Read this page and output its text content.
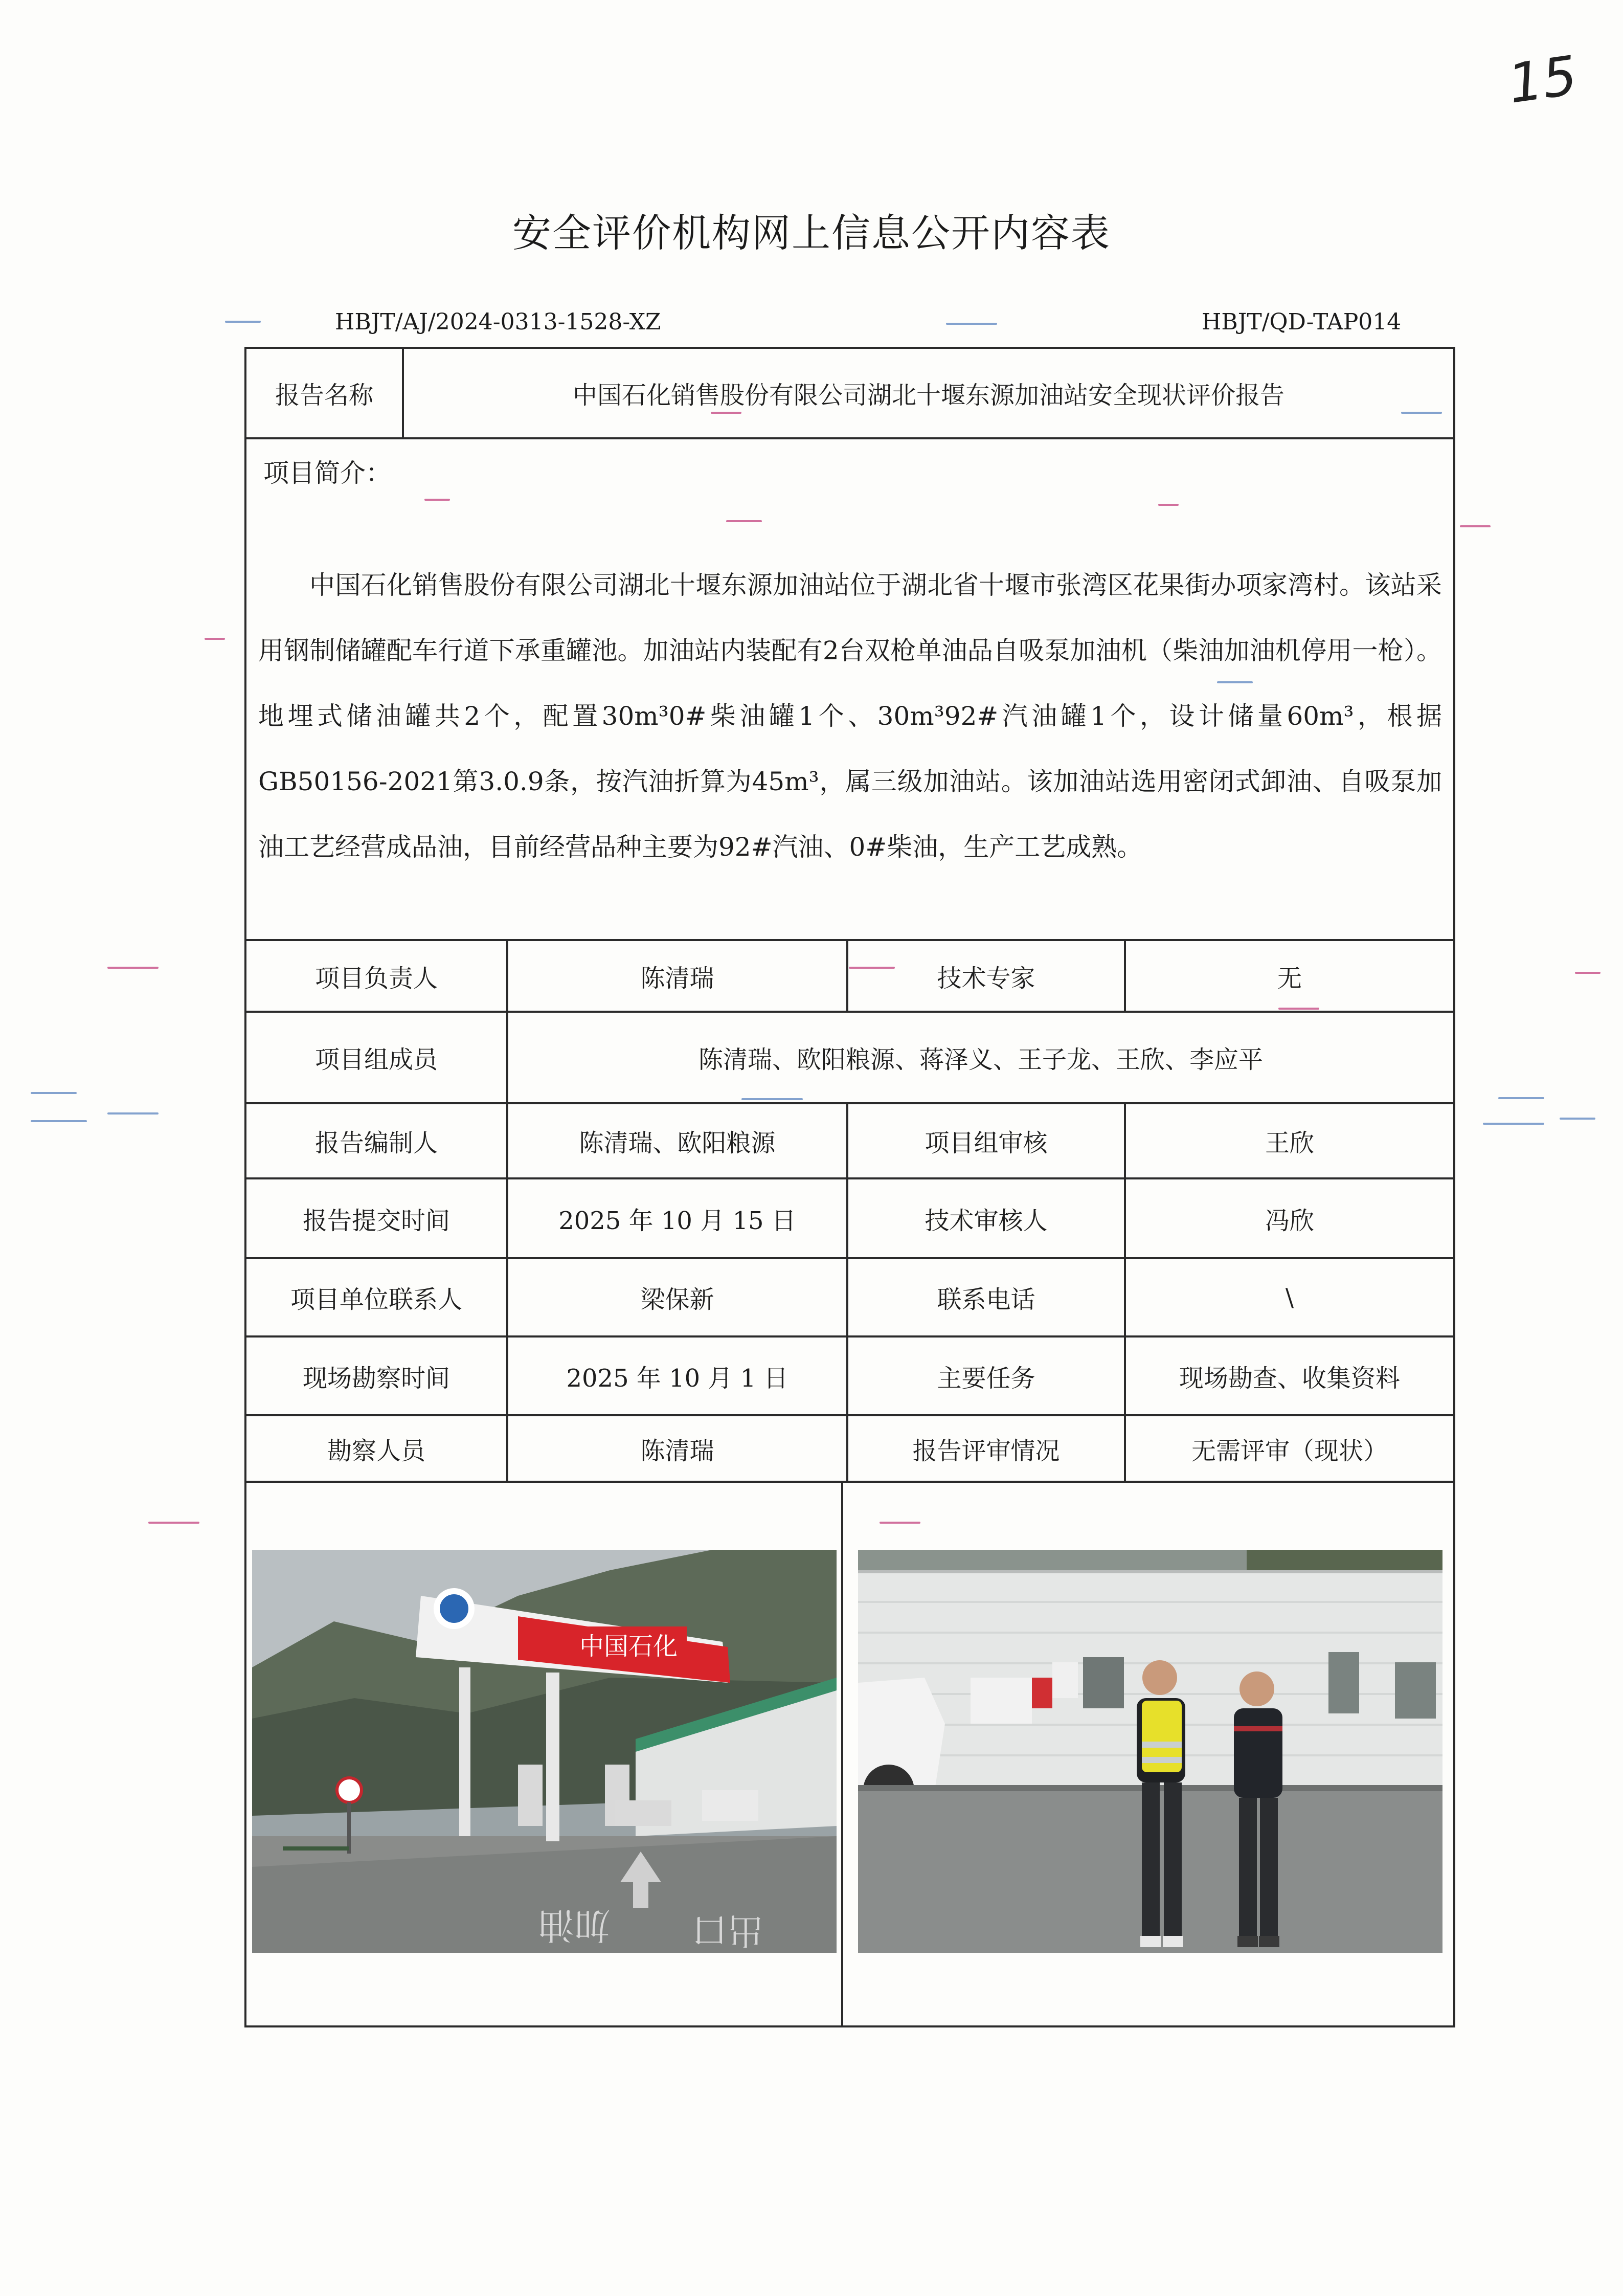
15
安全评价机构网上信息公开内容表
HBJT/AJ/2024-0313-1528-XZ	HBJT/QD-TAP014
报告名称	中国石化销售股份有限公司湖北十堰东源加油站安全现状评价报告
项目简介：
中国石化销售股份有限公司湖北十堰东源加油站位于湖北省十堰市张湾区花果街办项家湾村。该站采用钢制储罐配车行道下承重罐池。加油站内装配有2台双枪单油品自吸泵加油机（柴油加油机停用一枪）。地埋式储油罐共2个，配置30m³0#柴油罐1个、30m³92#汽油罐1个，设计储量60m³，根据GB50156-2021第3.0.9条，按汽油折算为45m³，属三级加油站。该加油站选用密闭式卸油、自吸泵加油工艺经营成品油，目前经营品种主要为92#汽油、0#柴油，生产工艺成熟。
项目负责人	陈清瑞	技术专家	无
项目组成员	陈清瑞、欧阳粮源、蒋泽义、王子龙、王欣、李应平
报告编制人	陈清瑞、欧阳粮源	项目组审核	王欣
报告提交时间	2025 年 10 月 15 日	技术审核人	冯欣
项目单位联系人	梁保新	联系电话	\
现场勘察时间	2025 年 10 月 1 日	主要任务	现场勘查、收集资料
勘察人员	陈清瑞	报告评审情况	无需评审（现状）
中国石化
加油 出口
